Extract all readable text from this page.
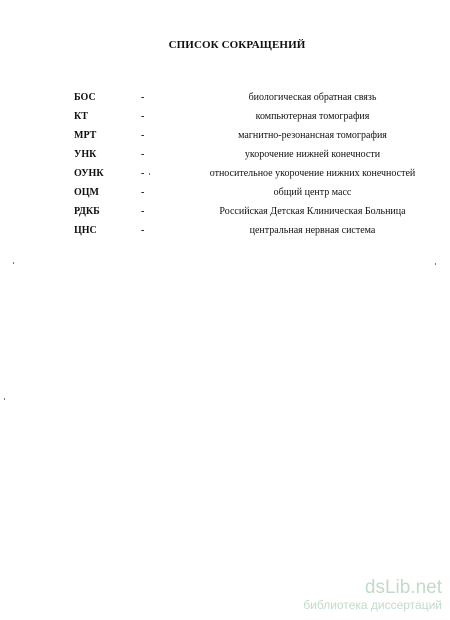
СПИСОК СОКРАЩЕНИЙ
БОС	-	биологическая обратная связь
КТ	-	компьютерная томография
МРТ	-	магнитно-резонансная томография
УНК	-	укорочение нижней конечности
ОУНК	-	относительное укорочение нижних конечностей
ОЦМ	-	общий центр масс
РДКБ	-	Российская Детская Клиническая Больница
ЦНС	-	центральная нервная система
dsLib.net
библиотека диссертаций
